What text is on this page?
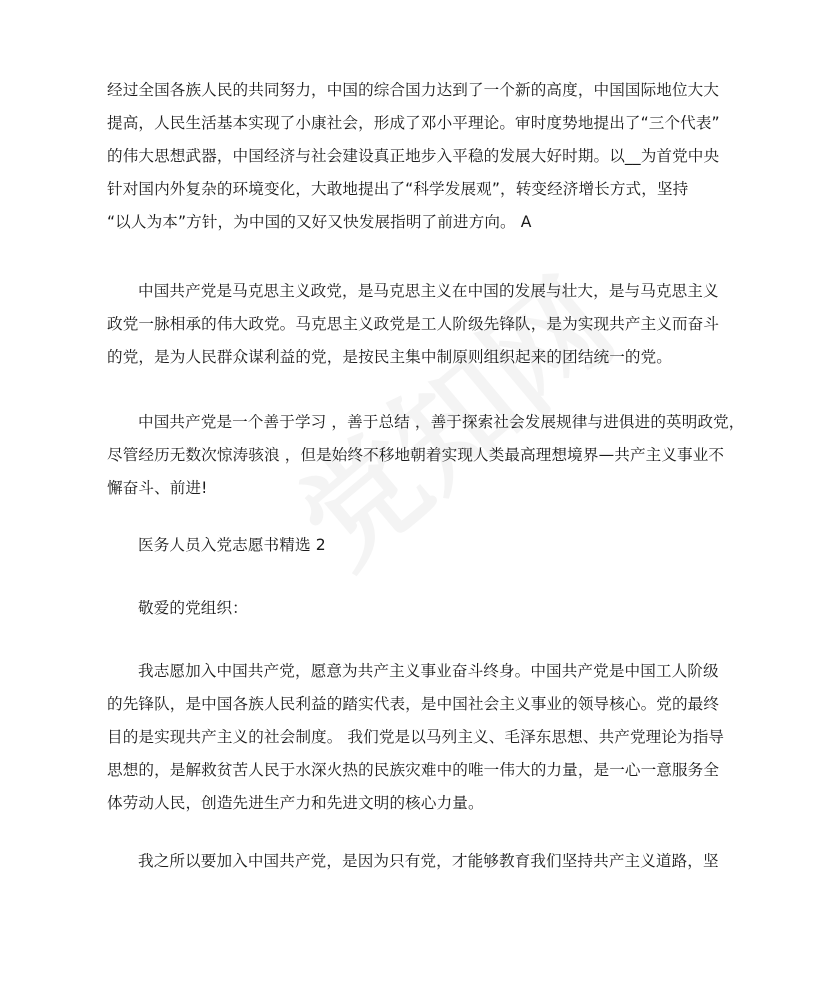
经过全国各族人民的共同努力，中国的综合国力达到了一个新的高度，中国国际地位大大
提高，人民生活基本实现了小康社会，形成了邓小平理论。审时度势地提出了“三个代表”
的伟大思想武器，中国经济与社会建设真正地步入平稳的发展大好时期。以__为首党中央
针对国内外复杂的环境变化，大敢地提出了“科学发展观”，转变经济增长方式，坚持
“以人为本”方针，为中国的又好又快发展指明了前进方向。 A
中国共产党是马克思主义政党，是马克思主义在中国的发展与壮大，是与马克思主义
政党一脉相承的伟大政党。马克思主义政党是工人阶级先锋队，是为实现共产主义而奋斗
的党，是为人民群众谋利益的党，是按民主集中制原则组织起来的团结统一的党。
中国共产党是一个善于学习 ，善于总结 ，善于探索社会发展规律与进俱进的英明政党，
尽管经历无数次惊涛骇浪 ，但是始终不移地朝着实现人类最高理想境界—共产主义事业不
懈奋斗、前进!
医务人员入党志愿书精选 2
敬爱的党组织：
我志愿加入中国共产党，愿意为共产主义事业奋斗终身。中国共产党是中国工人阶级
的先锋队，是中国各族人民利益的踏实代表，是中国社会主义事业的领导核心。党的最终
目的是实现共产主义的社会制度。 我们党是以马列主义、毛泽东思想、共产党理论为指导
思想的，是解救贫苦人民于水深火热的民族灾难中的唯一伟大的力量，是一心一意服务全
体劳动人民，创造先进生产力和先进文明的核心力量。
我之所以要加入中国共产党，是因为只有党，才能够教育我们坚持共产主义道路，坚
